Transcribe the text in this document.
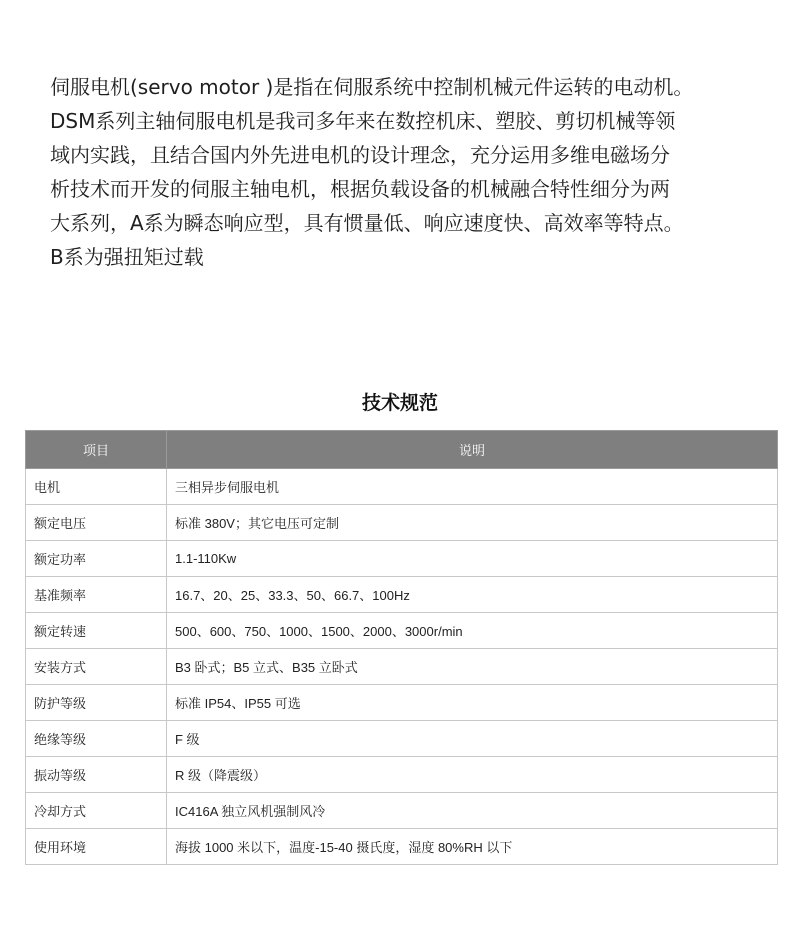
伺服电机(servo motor )是指在伺服系统中控制机械元件运转的电动机。
DSM系列主轴伺服电机是我司多年来在数控机床、塑胶、剪切机械等领
域内实践，且结合国内外先进电机的设计理念，充分运用多维电磁场分
析技术而开发的伺服主轴电机，根据负载设备的机械融合特性细分为两
大系列，A系为瞬态响应型，具有惯量低、响应速度快、高效率等特点。
B系为强扭矩过载

技术规范
项目	说明
电机	三相异步伺服电机
额定电压	标准 380V；其它电压可定制
额定功率	1.1-110Kw
基准频率	16.7、20、25、33.3、50、66.7、100Hz
额定转速	500、600、750、1000、1500、2000、3000r/min
安装方式	B3 卧式；B5 立式、B35 立卧式
防护等级	标准 IP54、IP55 可选
绝缘等级	F 级
振动等级	R 级（降震级）
冷却方式	IC416A 独立风机强制风冷
使用环境	海拔 1000 米以下，温度-15-40 摄氏度，湿度 80%RH 以下
